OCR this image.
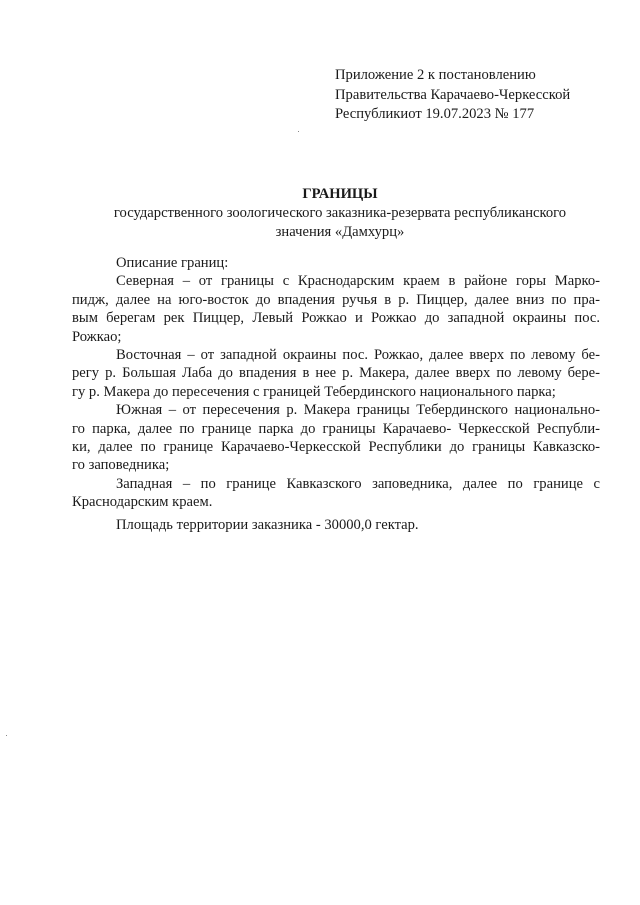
Приложение 2 к постановлению
Правительства Карачаево-Черкесской
Республикиот 19.07.2023 № 177
ГРАНИЦЫ
государственного зоологического заказника-резервата республиканского
значения «Дамхурц»
Описание границ:
Северная – от границы с Краснодарским краем в районе горы Марко-
пидж, далее на юго-восток до впадения ручья в р. Пиццер, далее вниз по пра-
вым берегам рек Пиццер, Левый Рожкао и Рожкао до западной окраины пос.
Рожкао;
Восточная – от западной окраины пос. Рожкао, далее вверх по левому бе-
регу р. Большая Лаба до впадения в нее р. Макера, далее вверх по левому бере-
гу р. Макера до пересечения с границей Тебердинского национального парка;
Южная – от пересечения р. Макера границы Тебердинского национально-
го парка, далее по границе парка до границы Карачаево- Черкесской Республи-
ки, далее по границе Карачаево-Черкесской Республики до границы Кавказско-
го заповедника;
Западная – по границе Кавказского заповедника, далее по границе с
Краснодарским краем.
Площадь территории заказника - 30000,0 гектар.
